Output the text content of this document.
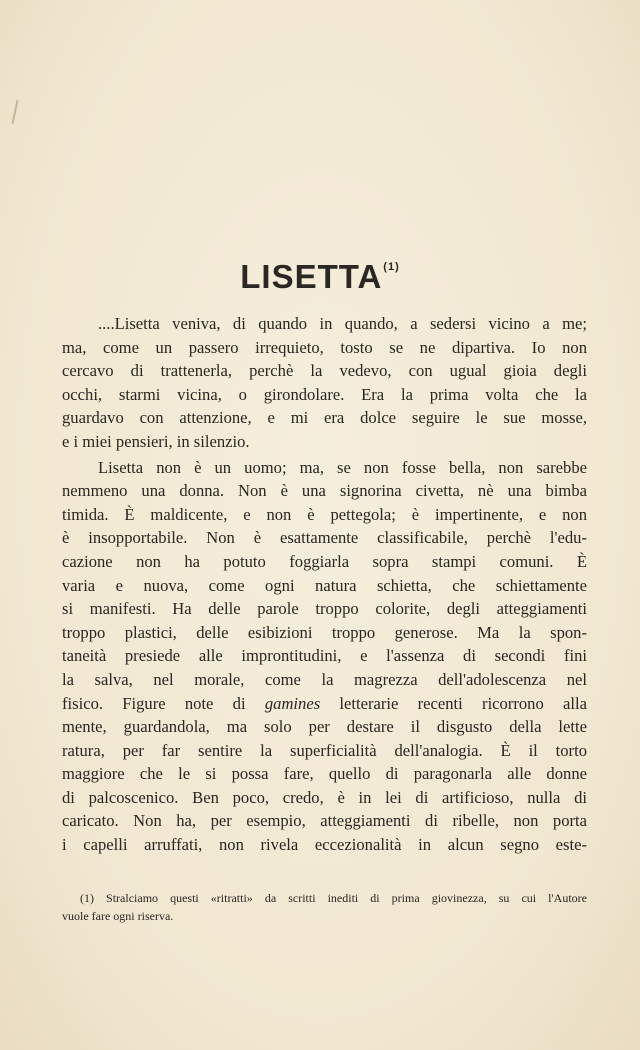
LISETTA$^{(1)}$
....Lisetta veniva, di quando in quando, a sedersi vicino a me;
ma, come un passero irrequieto, tosto se ne dipartiva. Io non
cercavo di trattenerla, perchè la vedevo, con ugual gioia degli
occhi, starmi vicina, o girondolare. Era la prima volta che la
guardavo con attenzione, e mi era dolce seguire le sue mosse,
e i miei pensieri, in silenzio.
Lisetta non è un uomo; ma, se non fosse bella, non sarebbe
nemmeno una donna. Non è una signorina civetta, nè una bimba
timida. È maldicente, e non è pettegola; è impertinente, e non
è insopportabile. Non è esattamente classificabile, perchè l'edu-
cazione non ha potuto foggiarla sopra stampi comuni. È
varia e nuova, come ogni natura schietta, che schiettamente
si manifesti. Ha delle parole troppo colorite, degli atteggiamenti
troppo plastici, delle esibizioni troppo generose. Ma la spon-
taneità presiede alle improntitudini, e l'assenza di secondi fini
la salva, nel morale, come la magrezza dell'adolescenza nel
fisico. Figure note di gamines letterarie recenti ricorrono alla
mente, guardandola, ma solo per destare il disgusto della lette
ratura, per far sentire la superficialità dell'analogia. È il torto
maggiore che le si possa fare, quello di paragonarla alle donne
di palcoscenico. Ben poco, credo, è in lei di artificioso, nulla di
caricato. Non ha, per esempio, atteggiamenti di ribelle, non porta
i capelli arruffati, non rivela eccezionalità in alcun segno este-
(1) Stralciamo questi «ritratti» da scritti inediti di prima giovinezza, su cui l'Autore
vuole fare ogni riserva.
